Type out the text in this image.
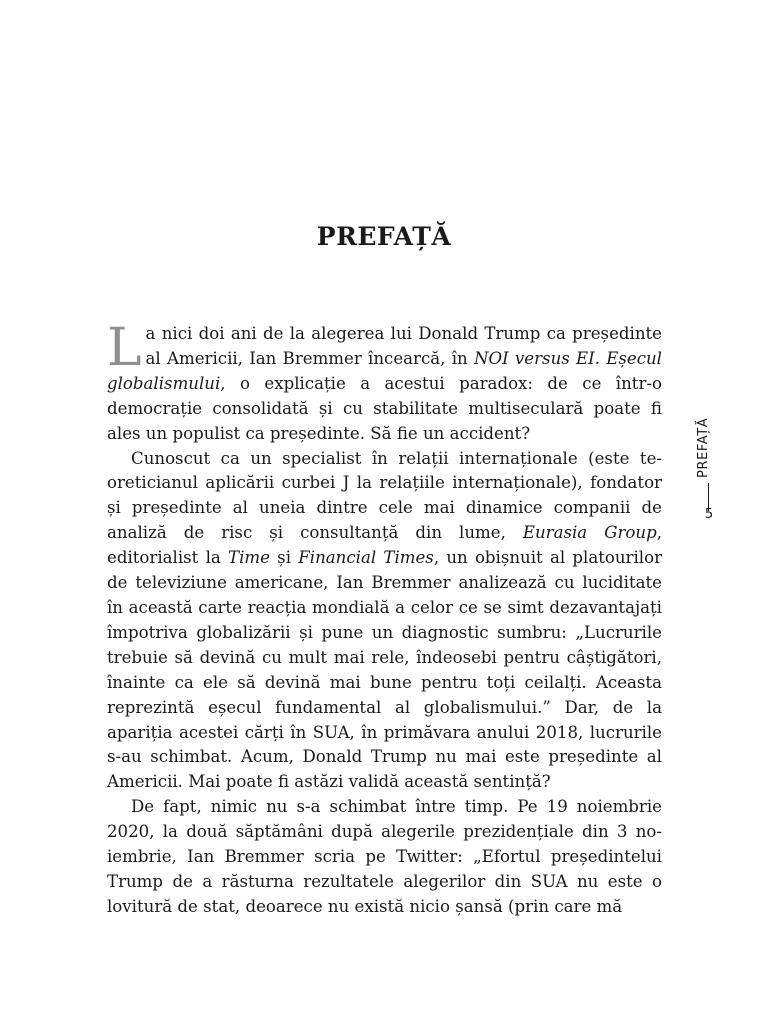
PREFAȚĂ

La nici doi ani de la alegerea lui Donald Trump ca președinte al Americii, Ian Bremmer încearcă, în NOI versus EI. Eșecul globalismului, o explicație a acestui paradox: de ce într-o democrație consolidată și cu stabilitate multiseculară poate fi ales un populist ca președinte. Să fie un accident?

Cunoscut ca un specialist în relații internaționale (este teoreticianul aplicării curbei J la relațiile internaționale), fondator și președinte al uneia dintre cele mai dinamice companii de analiză de risc și consultanță din lume, Eurasia Group, editorialist la Time și Financial Times, un obișnuit al platourilor de televiziune americane, Ian Bremmer analizează cu luciditate în această carte reacția mondială a celor ce se simt dezavantajați împotriva globalizării și pune un diagnostic sumbru: „Lucrurile trebuie să devină cu mult mai rele, îndeosebi pentru câștigători, înainte ca ele să devină mai bune pentru toți ceilalți. Aceasta reprezintă eșecul fundamental al globalismului.” Dar, de la apariția acestei cărți în SUA, în primăvara anului 2018, lucrurile s-au schimbat. Acum, Donald Trump nu mai este președinte al Americii. Mai poate fi astăzi validă această sentință?

De fapt, nimic nu s-a schimbat între timp. Pe 19 noiembrie 2020, la două săptămâni după alegerile prezidențiale din 3 noiembrie, Ian Bremmer scria pe Twitter: „Efortul președintelui Trump de a răsturna rezultatele alegerilor din SUA nu este o lovitură de stat, deoarece nu există nicio șansă (prin care mă

PREFAȚĂ
5
